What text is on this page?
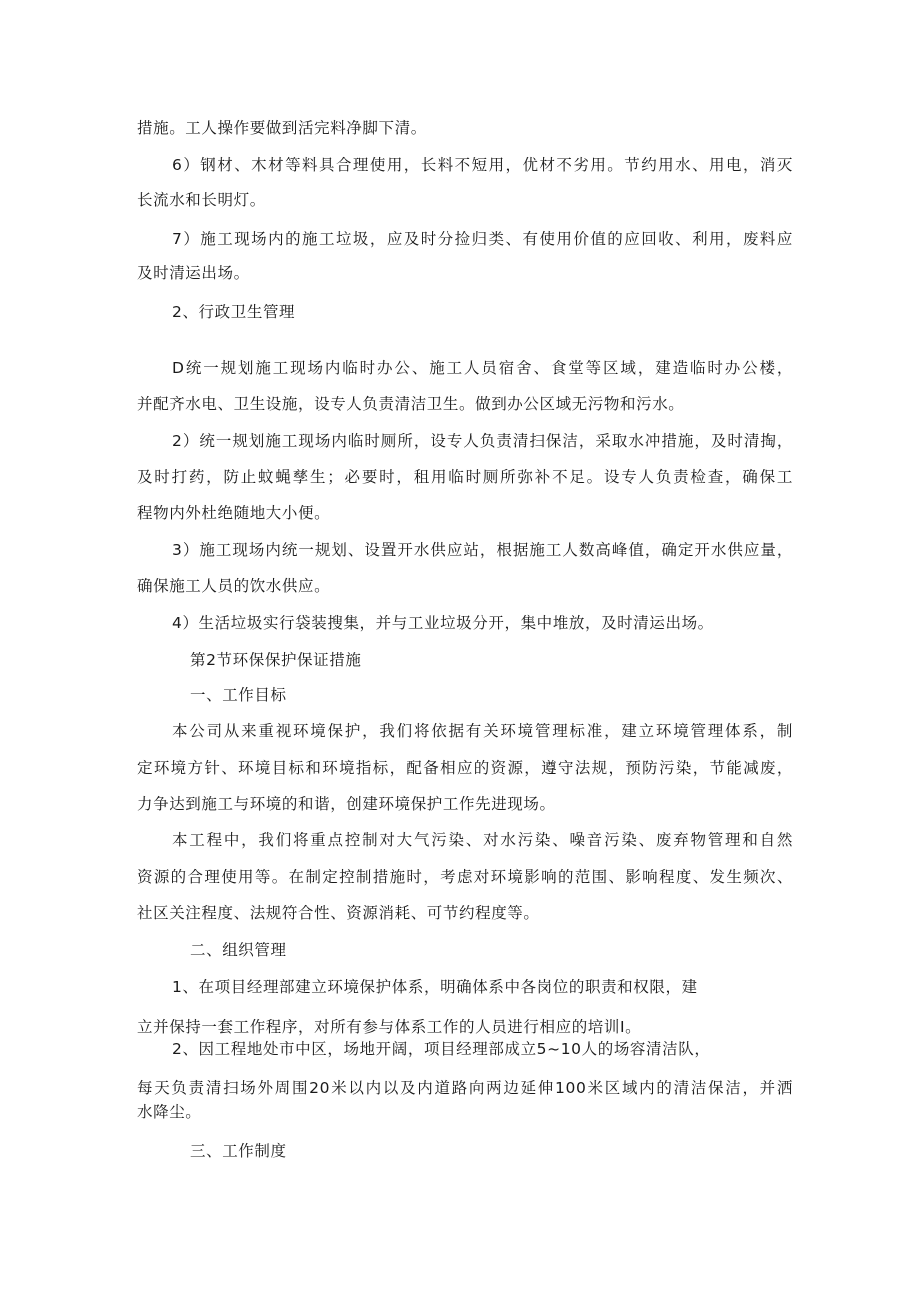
措施。工人操作要做到活完料净脚下清。
6）钢材、木材等料具合理使用，长料不短用，优材不劣用。节约用水、用电，消灭
长流水和长明灯。
7）施工现场内的施工垃圾，应及时分捡归类、有使用价值的应回收、利用，废料应
及时清运出场。
2、行政卫生管理
D统一规划施工现场内临时办公、施工人员宿舍、食堂等区域，建造临时办公楼，
并配齐水电、卫生设施，设专人负责清洁卫生。做到办公区域无污物和污水。
2）统一规划施工现场内临时厕所，设专人负责清扫保洁，采取水冲措施，及时清掏，
及时打药，防止蚊蝇孳生；必要时，租用临时厕所弥补不足。设专人负责检查，确保工
程物内外杜绝随地大小便。
3）施工现场内统一规划、设置开水供应站，根据施工人数高峰值，确定开水供应量，
确保施工人员的饮水供应。
4）生活垃圾实行袋装搜集，并与工业垃圾分开，集中堆放，及时清运出场。
第2节环保保护保证措施
一、工作目标
本公司从来重视环境保护，我们将依据有关环境管理标准，建立环境管理体系，制
定环境方针、环境目标和环境指标，配备相应的资源，遵守法规，预防污染，节能减废，
力争达到施工与环境的和谐，创建环境保护工作先进现场。
本工程中，我们将重点控制对大气污染、对水污染、噪音污染、废弃物管理和自然
资源的合理使用等。在制定控制措施时，考虑对环境影响的范围、影响程度、发生频次、
社区关注程度、法规符合性、资源消耗、可节约程度等。
二、组织管理
1、在项目经理部建立环境保护体系，明确体系中各岗位的职责和权限，建
立并保持一套工作程序，对所有参与体系工作的人员进行相应的培训I。
2、因工程地处市中区，场地开阔，项目经理部成立5~10人的场容清洁队，
每天负责清扫场外周围20米以内以及内道路向两边延伸100米区域内的清洁保洁，并洒
水降尘。
三、工作制度
